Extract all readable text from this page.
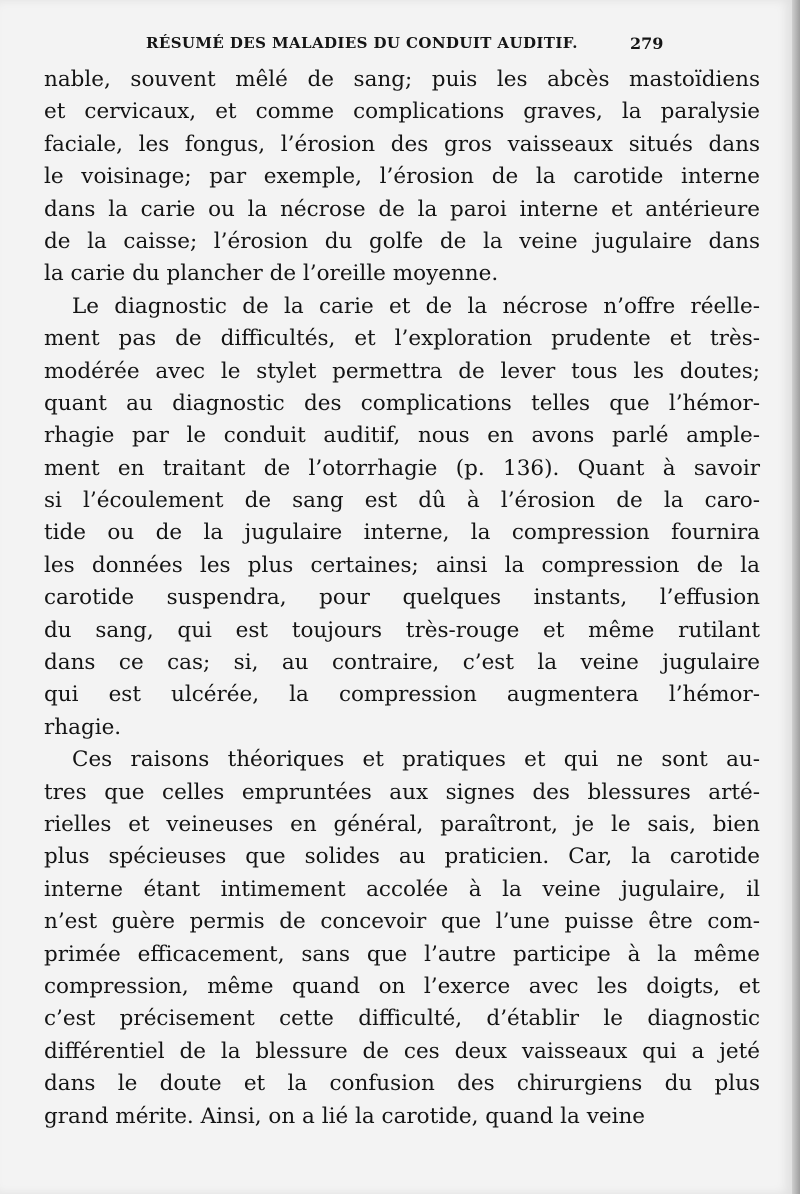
RÉSUMÉ DES MALADIES DU CONDUIT AUDITIF.	279
nable, souvent mêlé de sang; puis les abcès mastoïdiens
et cervicaux, et comme complications graves, la paralysie
faciale, les fongus, l’érosion des gros vaisseaux situés dans
le voisinage; par exemple, l’érosion de la carotide interne
dans la carie ou la nécrose de la paroi interne et antérieure
de la caisse; l’érosion du golfe de la veine jugulaire dans
la carie du plancher de l’oreille moyenne.
Le diagnostic de la carie et de la nécrose n’offre réelle-
ment pas de difficultés, et l’exploration prudente et très-
modérée avec le stylet permettra de lever tous les doutes;
quant au diagnostic des complications telles que l’hémor-
rhagie par le conduit auditif, nous en avons parlé ample-
ment en traitant de l’otorrhagie (p. 136). Quant à savoir
si l’écoulement de sang est dû à l’érosion de la caro-
tide ou de la jugulaire interne, la compression fournira
les données les plus certaines; ainsi la compression de la
carotide suspendra, pour quelques instants, l’effusion
du sang, qui est toujours très-rouge et même rutilant
dans ce cas; si, au contraire, c’est la veine jugulaire
qui est ulcérée, la compression augmentera l’hémor-
rhagie.
Ces raisons théoriques et pratiques et qui ne sont au-
tres que celles empruntées aux signes des blessures arté-
rielles et veineuses en général, paraîtront, je le sais, bien
plus spécieuses que solides au praticien. Car, la carotide
interne étant intimement accolée à la veine jugulaire, il
n’est guère permis de concevoir que l’une puisse être com-
primée efficacement, sans que l’autre participe à la même
compression, même quand on l’exerce avec les doigts, et
c’est précisement cette difficulté, d’établir le diagnostic
différentiel de la blessure de ces deux vaisseaux qui a jeté
dans le doute et la confusion des chirurgiens du plus
grand mérite. Ainsi, on a lié la carotide, quand la veine
